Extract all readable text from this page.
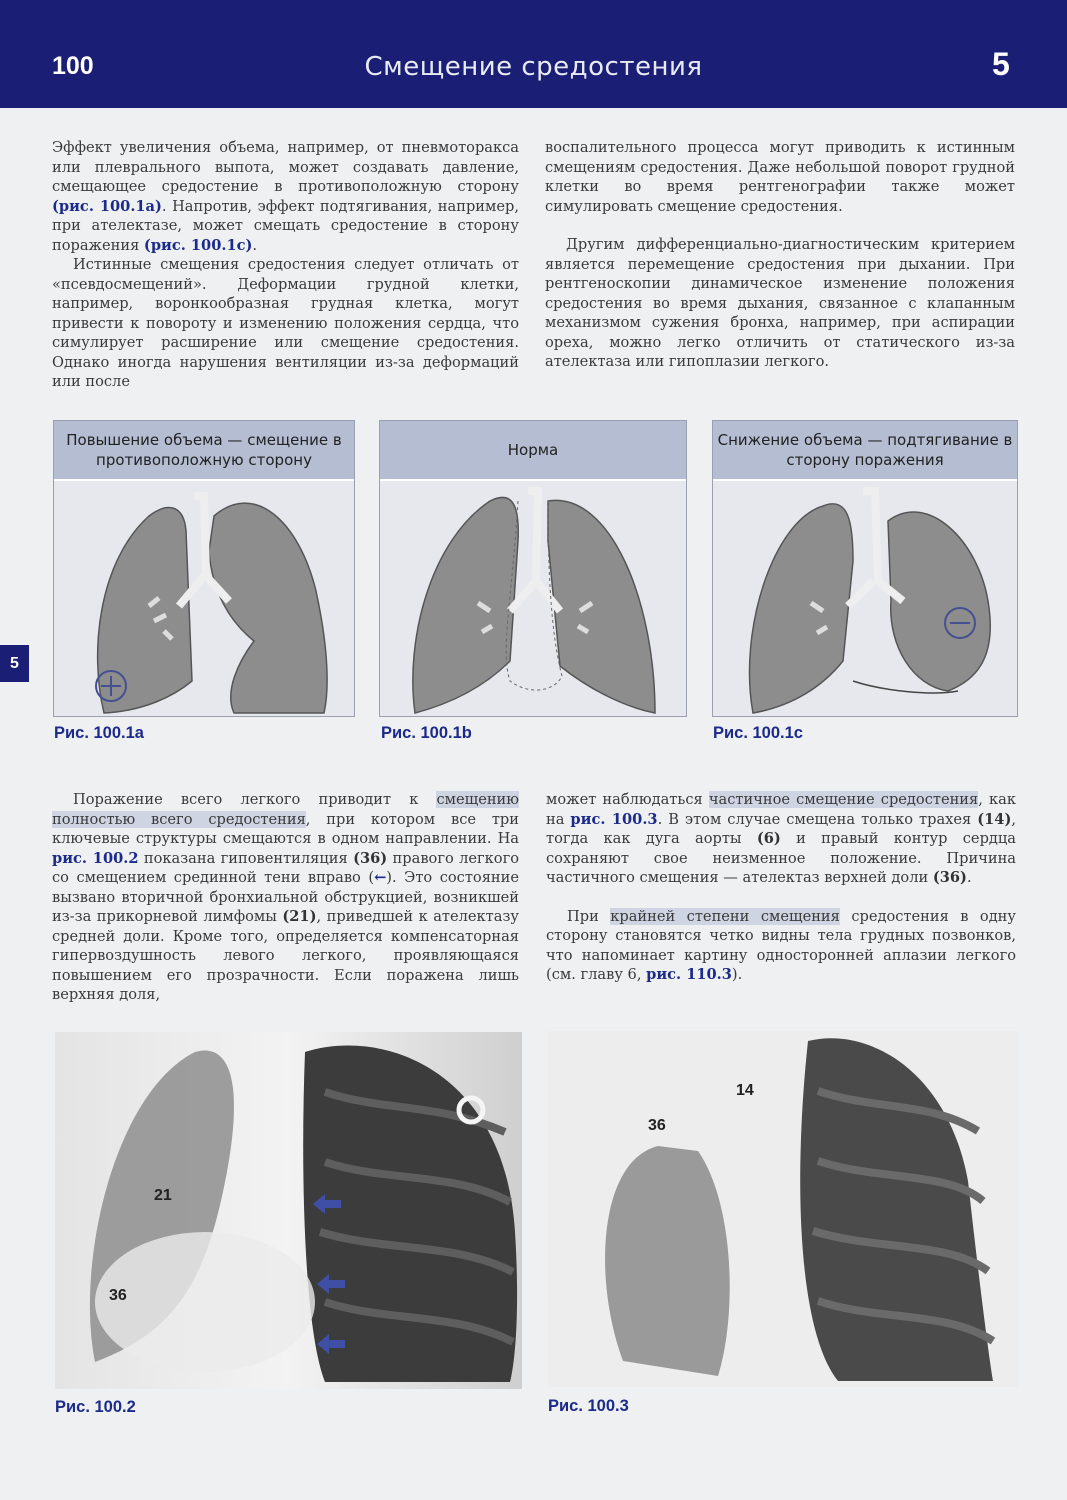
100	Смещение средостения	5
5

Эффект увеличения объема, например, от пневмоторакса или плеврального выпота, может создавать давление, смещающее средостение в противоположную сторону (рис. 100.1a). Напротив, эффект подтягивания, например, при ателектазе, может смещать средостение в сторону поражения (рис. 100.1c).

Истинные смещения средостения следует отличать от «псевдосмещений». Деформации грудной клетки, например, воронкообразная грудная клетка, могут привести к повороту и изменению положения сердца, что симулирует расширение или смещение средостения. Однако иногда нарушения вентиляции из-за деформаций или после

воспалительного процесса могут приводить к истинным смещениям средостения. Даже небольшой поворот грудной клетки во время рентгенографии также может симулировать смещение средостения.

Другим дифференциально-диагностическим критерием является перемещение средостения при дыхании. При рентгеноскопии динамическое изменение положения средостения во время дыхания, связанное с клапанным механизмом сужения бронха, например, при аспирации ореха, можно легко отличить от статического из-за ателектаза или гипоплазии легкого.

Повышение объема — смещение в противоположную сторону
Рис. 100.1a
Норма
Рис. 100.1b
Снижение объема — подтягивание в сторону поражения
Рис. 100.1c

Поражение всего легкого приводит к смещению полностью всего средостения, при котором все три ключевые структуры смещаются в одном направлении. На рис. 100.2 показана гиповентиляция (36) правого легкого со смещением срединной тени вправо (←). Это состояние вызвано вторичной бронхиальной обструкцией, возникшей из-за прикорневой лимфомы (21), приведшей к ателектазу средней доли. Кроме того, определяется компенсаторная гипервоздушность левого легкого, проявляющаяся повышением его прозрачности. Если поражена лишь верхняя доля,

может наблюдаться частичное смещение средостения, как на рис. 100.3. В этом случае смещена только трахея (14), тогда как дуга аорты (6) и правый контур сердца сохраняют свое неизменное положение. Причина частичного смещения — ателектаз верхней доли (36).

При крайней степени смещения средостения в одну сторону становятся четко видны тела грудных позвонков, что напоминает картину односторонней аплазии легкого (см. главу 6, рис. 110.3).

21
36
Рис. 100.2
14
36
Рис. 100.3
